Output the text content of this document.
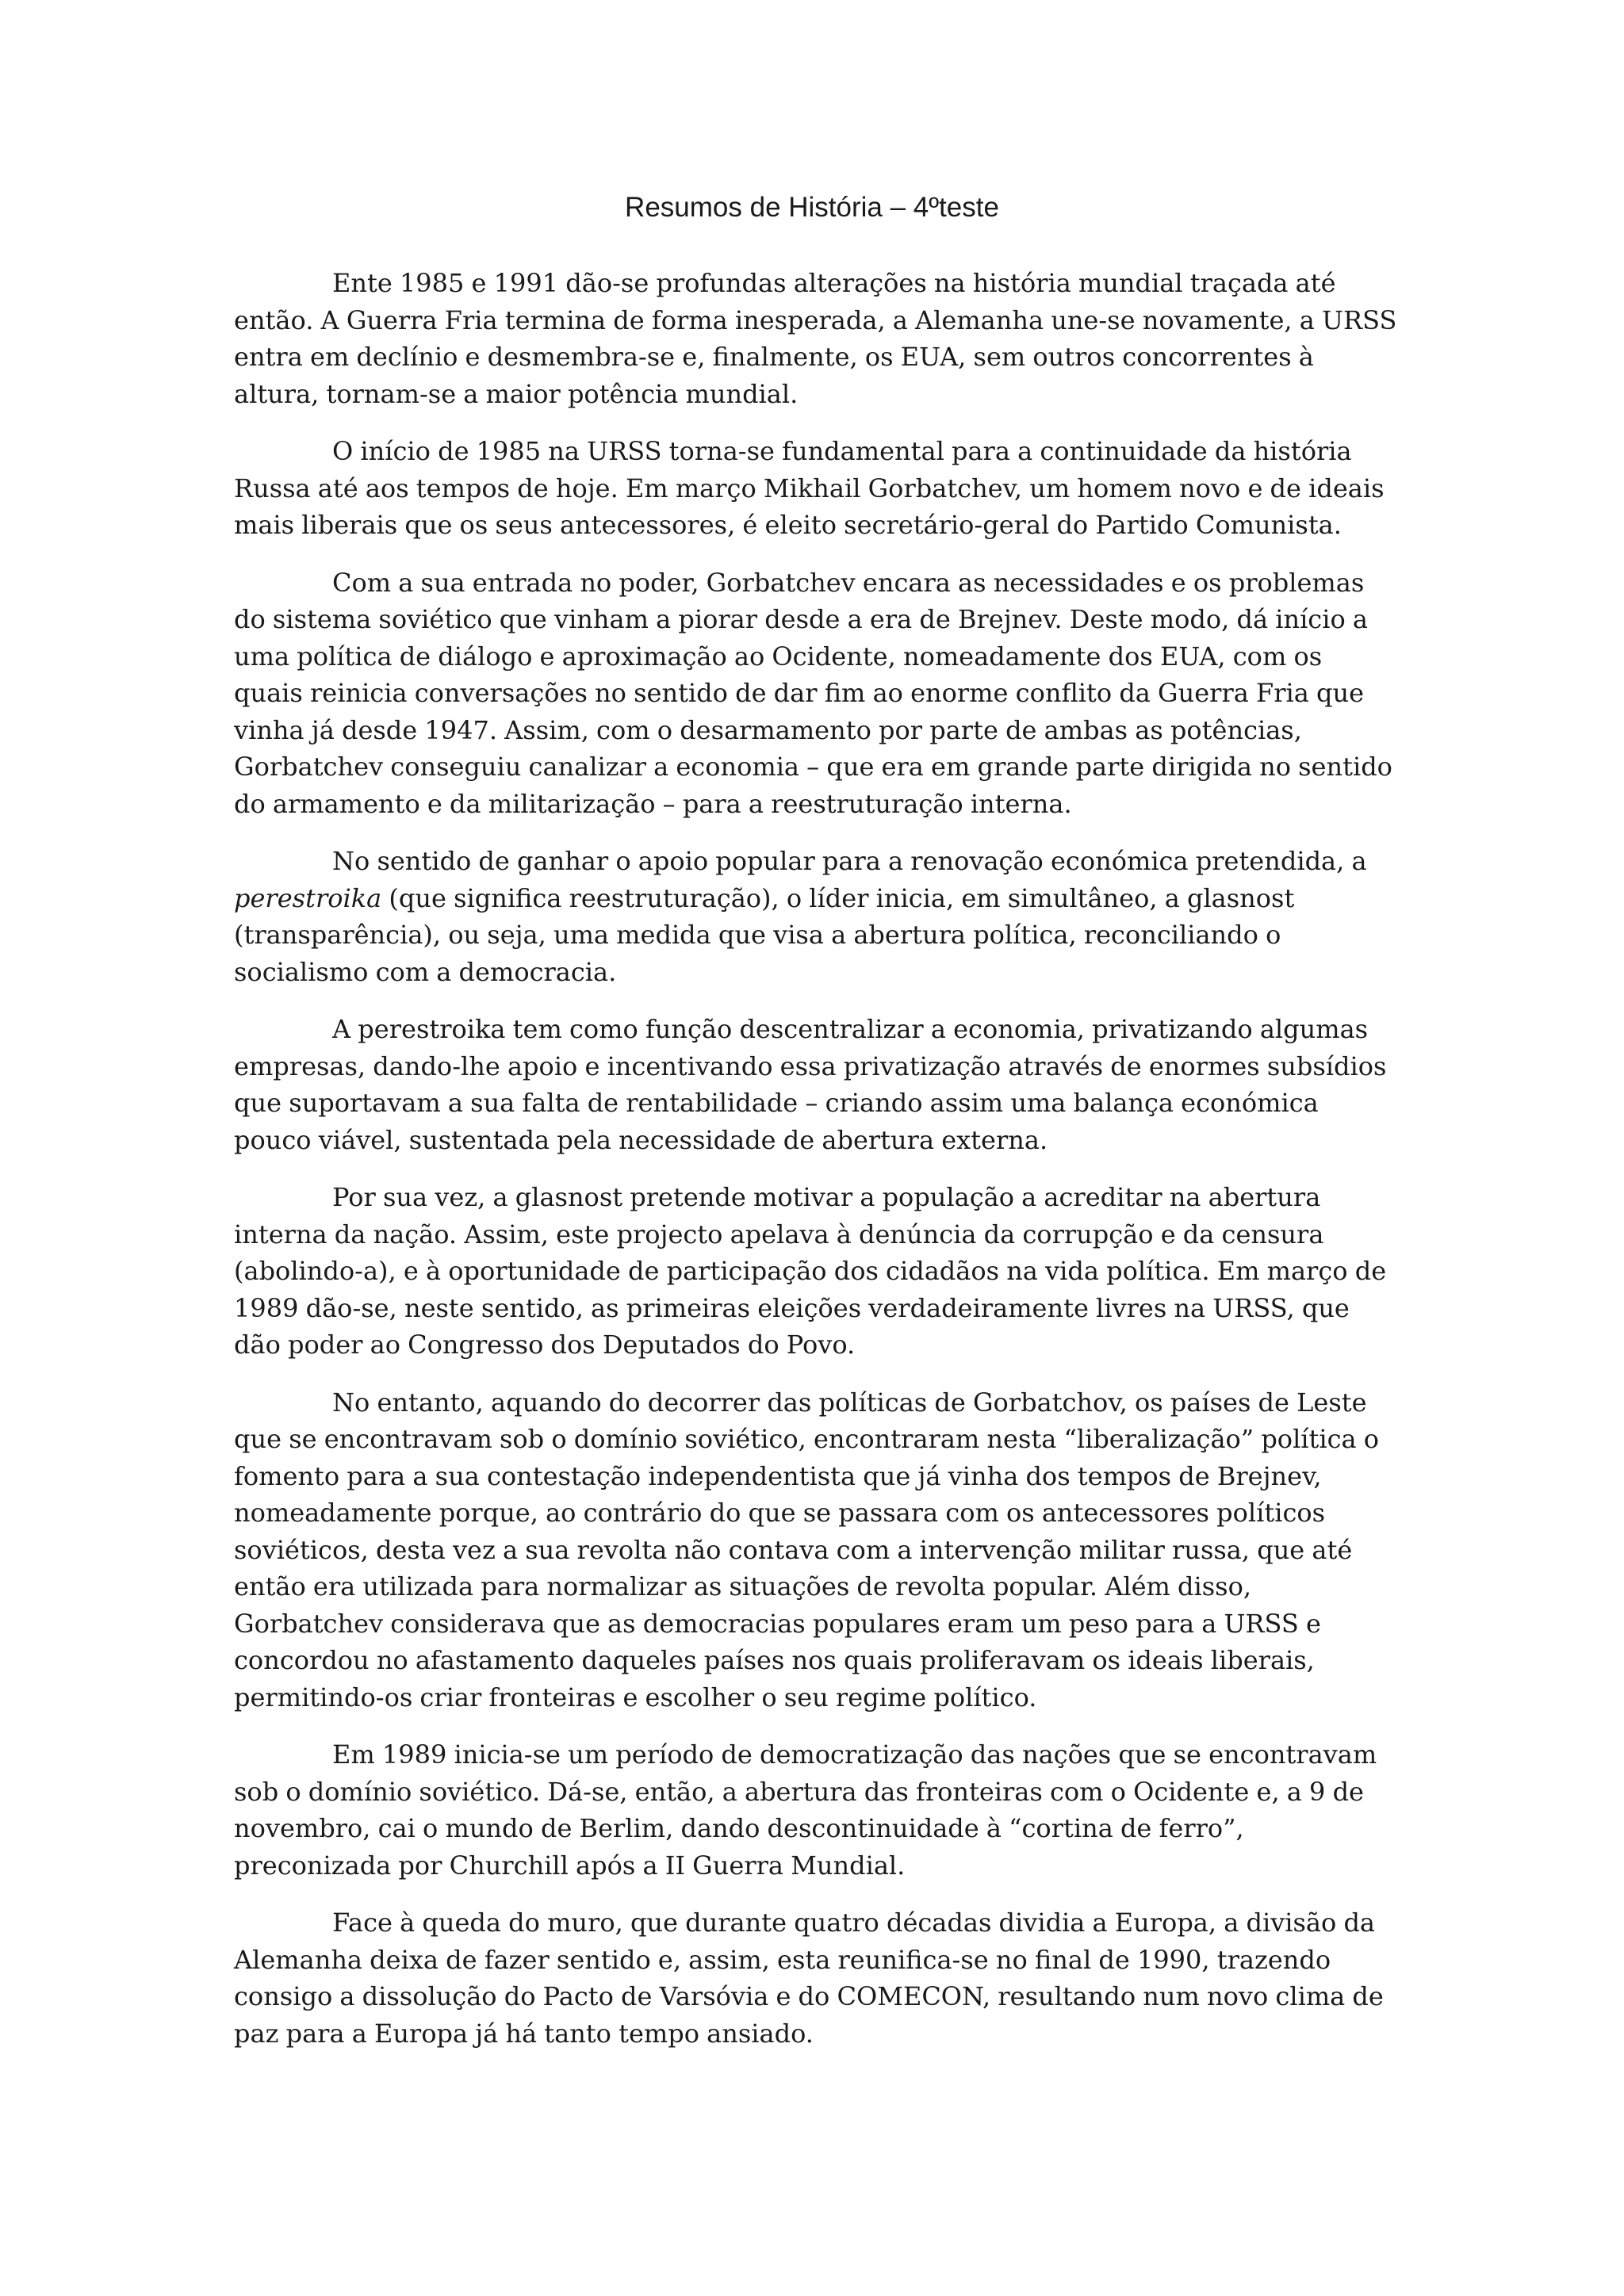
Resumos de História – 4ºteste

Ente 1985 e 1991 dão-se profundas alterações na história mundial traçada até então. A Guerra Fria termina de forma inesperada, a Alemanha une-se novamente, a URSS entra em declínio e desmembra-se e, finalmente, os EUA, sem outros concorrentes à altura, tornam-se a maior potência mundial.

O início de 1985 na URSS torna-se fundamental para a continuidade da história Russa até aos tempos de hoje. Em março Mikhail Gorbatchev, um homem novo e de ideais mais liberais que os seus antecessores, é eleito secretário-geral do Partido Comunista.

Com a sua entrada no poder, Gorbatchev encara as necessidades e os problemas do sistema soviético que vinham a piorar desde a era de Brejnev. Deste modo, dá início a uma política de diálogo e aproximação ao Ocidente, nomeadamente dos EUA, com os quais reinicia conversações no sentido de dar fim ao enorme conflito da Guerra Fria que vinha já desde 1947. Assim, com o desarmamento por parte de ambas as potências, Gorbatchev conseguiu canalizar a economia – que era em grande parte dirigida no sentido do armamento e da militarização – para a reestruturação interna.

No sentido de ganhar o apoio popular para a renovação económica pretendida, a perestroika (que significa reestruturação), o líder inicia, em simultâneo, a glasnost (transparência), ou seja, uma medida que visa a abertura política, reconciliando o socialismo com a democracia.

A perestroika tem como função descentralizar a economia, privatizando algumas empresas, dando-lhe apoio e incentivando essa privatização através de enormes subsídios que suportavam a sua falta de rentabilidade – criando assim uma balança económica pouco viável, sustentada pela necessidade de abertura externa.

Por sua vez, a glasnost pretende motivar a população a acreditar na abertura interna da nação. Assim, este projecto apelava à denúncia da corrupção e da censura (abolindo-a), e à oportunidade de participação dos cidadãos na vida política. Em março de 1989 dão-se, neste sentido, as primeiras eleições verdadeiramente livres na URSS, que dão poder ao Congresso dos Deputados do Povo.

No entanto, aquando do decorrer das políticas de Gorbatchov, os países de Leste que se encontravam sob o domínio soviético, encontraram nesta “liberalização” política o fomento para a sua contestação independentista que já vinha dos tempos de Brejnev, nomeadamente porque, ao contrário do que se passara com os antecessores políticos soviéticos, desta vez a sua revolta não contava com a intervenção militar russa, que até então era utilizada para normalizar as situações de revolta popular. Além disso, Gorbatchev considerava que as democracias populares eram um peso para a URSS e concordou no afastamento daqueles países nos quais proliferavam os ideais liberais, permitindo-os criar fronteiras e escolher o seu regime político.

Em 1989 inicia-se um período de democratização das nações que se encontravam sob o domínio soviético. Dá-se, então, a abertura das fronteiras com o Ocidente e, a 9 de novembro, cai o mundo de Berlim, dando descontinuidade à “cortina de ferro”, preconizada por Churchill após a II Guerra Mundial.

Face à queda do muro, que durante quatro décadas dividia a Europa, a divisão da Alemanha deixa de fazer sentido e, assim, esta reunifica-se no final de 1990, trazendo consigo a dissolução do Pacto de Varsóvia e do COMECON, resultando num novo clima de paz para a Europa já há tanto tempo ansiado.
